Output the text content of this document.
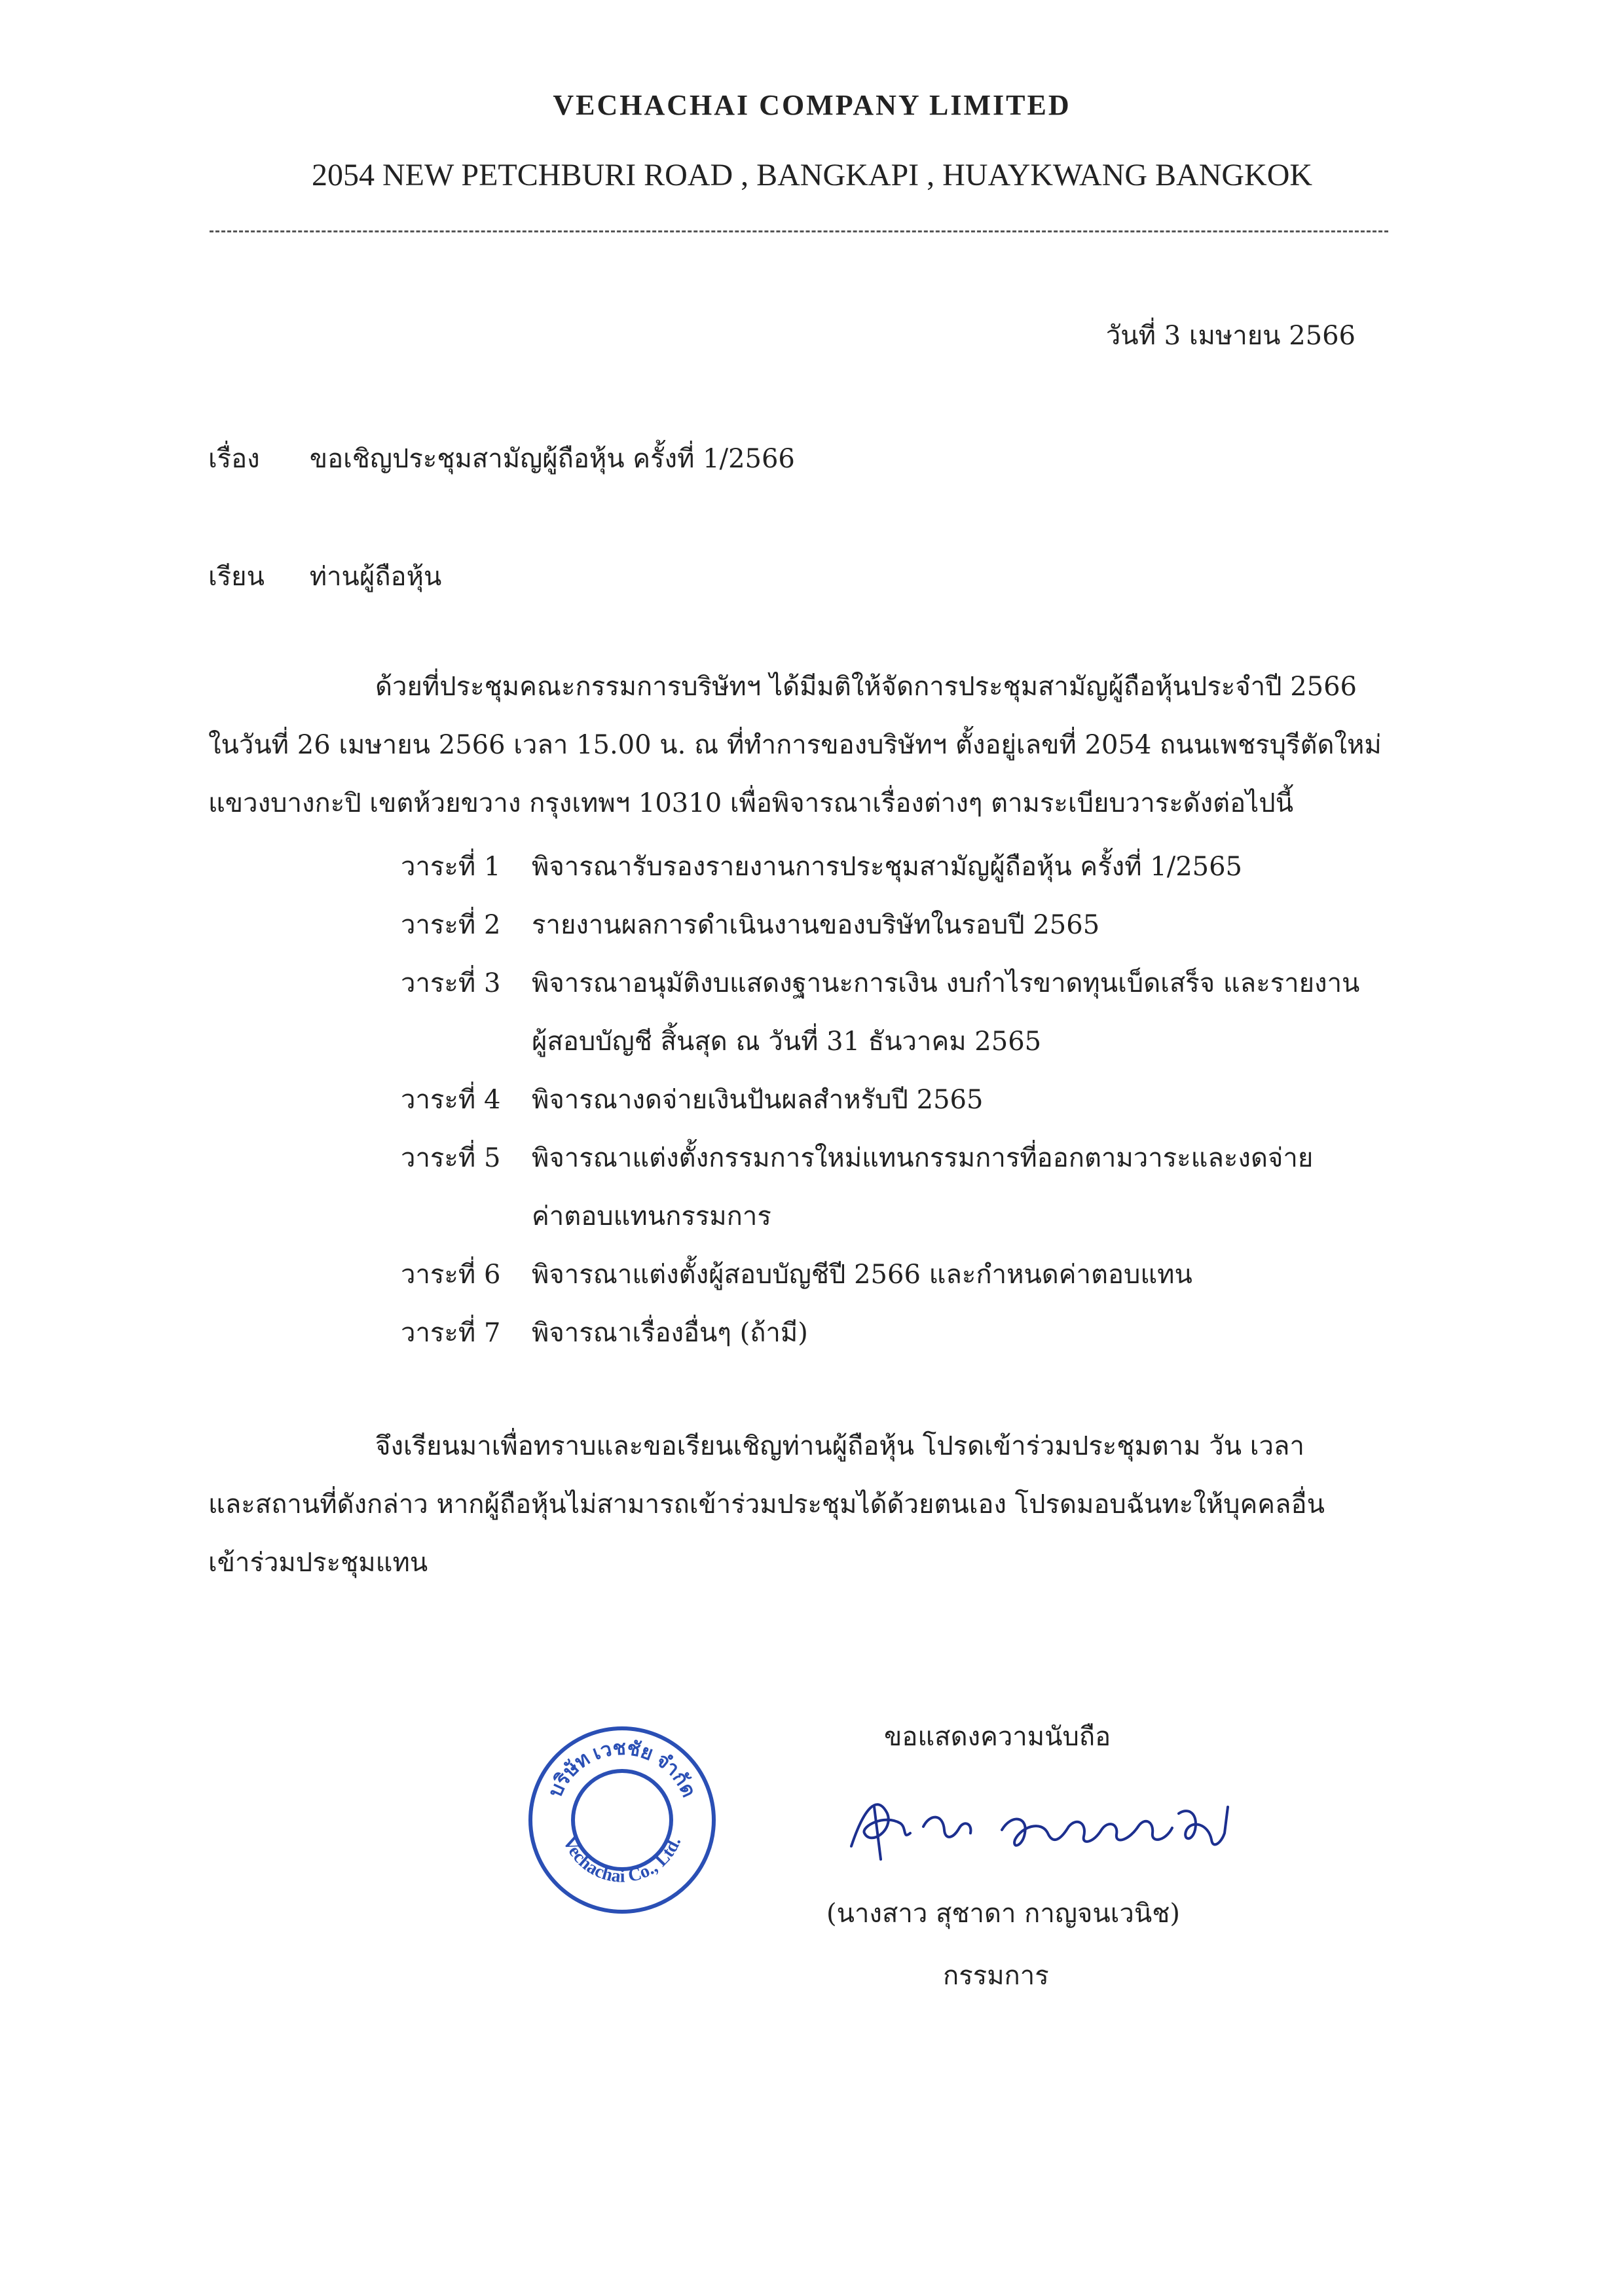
VECHACHAI COMPANY LIMITED
2054 NEW PETCHBURI ROAD , BANGKAPI , HUAYKWANG BANGKOK
วันที่ 3 เมษายน 2566
เรื่อง ขอเชิญประชุมสามัญผู้ถือหุ้น ครั้งที่ 1/2566
เรียน ท่านผู้ถือหุ้น
ด้วยที่ประชุมคณะกรรมการบริษัทฯ ได้มีมติให้จัดการประชุมสามัญผู้ถือหุ้นประจำปี 2566
ในวันที่ 26 เมษายน 2566 เวลา 15.00 น. ณ ที่ทำการของบริษัทฯ ตั้งอยู่เลขที่ 2054 ถนนเพชรบุรีตัดใหม่
แขวงบางกะปิ เขตห้วยขวาง กรุงเทพฯ 10310 เพื่อพิจารณาเรื่องต่างๆ ตามระเบียบวาระดังต่อไปนี้
วาระที่ 1 พิจารณารับรองรายงานการประชุมสามัญผู้ถือหุ้น ครั้งที่ 1/2565
วาระที่ 2 รายงานผลการดำเนินงานของบริษัทในรอบปี 2565
วาระที่ 3 พิจารณาอนุมัติงบแสดงฐานะการเงิน งบกำไรขาดทุนเบ็ดเสร็จ และรายงาน
ผู้สอบบัญชี สิ้นสุด ณ วันที่ 31 ธันวาคม 2565
วาระที่ 4 พิจารณางดจ่ายเงินปันผลสำหรับปี 2565
วาระที่ 5 พิจารณาแต่งตั้งกรรมการใหม่แทนกรรมการที่ออกตามวาระและงดจ่าย
ค่าตอบแทนกรรมการ
วาระที่ 6 พิจารณาแต่งตั้งผู้สอบบัญชีปี 2566 และกำหนดค่าตอบแทน
วาระที่ 7 พิจารณาเรื่องอื่นๆ (ถ้ามี)
จึงเรียนมาเพื่อทราบและขอเรียนเชิญท่านผู้ถือหุ้น โปรดเข้าร่วมประชุมตาม วัน เวลา
และสถานที่ดังกล่าว หากผู้ถือหุ้นไม่สามารถเข้าร่วมประชุมได้ด้วยตนเอง โปรดมอบฉันทะให้บุคคลอื่น
เข้าร่วมประชุมแทน
ขอแสดงความนับถือ
บริษัท เวชชัย จำกัด
Vechachai Co., Ltd.
(นางสาว สุชาดา กาญจนเวนิช)
กรรมการ
